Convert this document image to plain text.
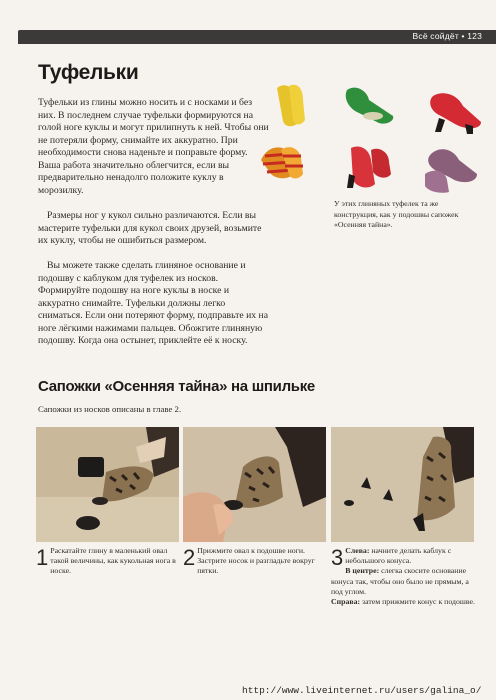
Всё сойдёт • 123
Туфельки

Туфельки из глины можно носить и с носками и без них. В последнем случае туфельки формируются на голой ноге куклы и могут прилипнуть к ней. Чтобы они не потеряли форму, снимайте их аккуратно. При необходимости снова наденьте и поправьте форму. Ваша работа значительно облегчится, если вы предварительно ненадолго положите куклу в морозилку.

Размеры ног у кукол сильно различаются. Если вы мастерите туфельки для кукол своих друзей, возьмите их куклу, чтобы не ошибиться размером.

Вы можете также сделать глиняное основание и подошву с каблуком для туфелек из носков. Формируйте подошву на ноге куклы в носке и аккуратно снимайте. Туфельки должны легко сниматься. Если они потеряют форму, подправьте их на ноге лёгкими нажимами пальцев. Обожгите глиняную подошву. Когда она остынет, приклейте её к носку.

У этих глиняных туфелек та же конструкция, как у подошвы сапожек «Осенняя тайна».
Сапожки «Осенняя тайна» на шпильке
Сапожки из носков описаны в главе 2.
1 Раскатайте глину в маленький овал такой величины, как кукольная нога в носке.
2 Прижмите овал к подошве ноги. Застрите носок и разгладьте вокруг пятки.
3 Слева: начните делать каблук с небольшого конуса.
В центре: слегка скосите основание конуса так, чтобы оно было не прямым, а под углом.
Справа: затем прижмите конус к подошве.
http://www.liveinternet.ru/users/galina_o/
